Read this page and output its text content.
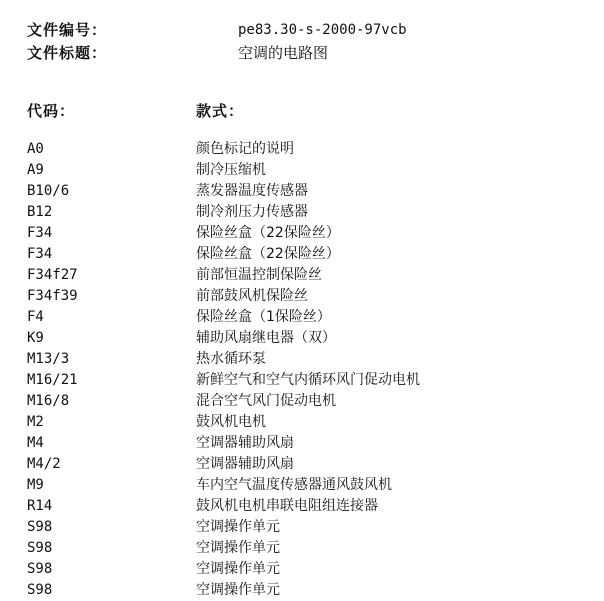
文件编号：	pe83.30-s-2000-97vcb
文件标题：	空调的电路图
代码：	款式：
A0	颜色标记的说明
A9	制冷压缩机
B10/6	蒸发器温度传感器
B12	制冷剂压力传感器
F34	保险丝盒（22保险丝）
F34	保险丝盒（22保险丝）
F34f27	前部恒温控制保险丝
F34f39	前部鼓风机保险丝
F4	保险丝盒（1保险丝）
K9	辅助风扇继电器（双）
M13/3	热水循环泵
M16/21	新鲜空气和空气内循环风门促动电机
M16/8	混合空气风门促动电机
M2	鼓风机电机
M4	空调器辅助风扇
M4/2	空调器辅助风扇
M9	车内空气温度传感器通风鼓风机
R14	鼓风机电机串联电阻组连接器
S98	空调操作单元
S98	空调操作单元
S98	空调操作单元
S98	空调操作单元
